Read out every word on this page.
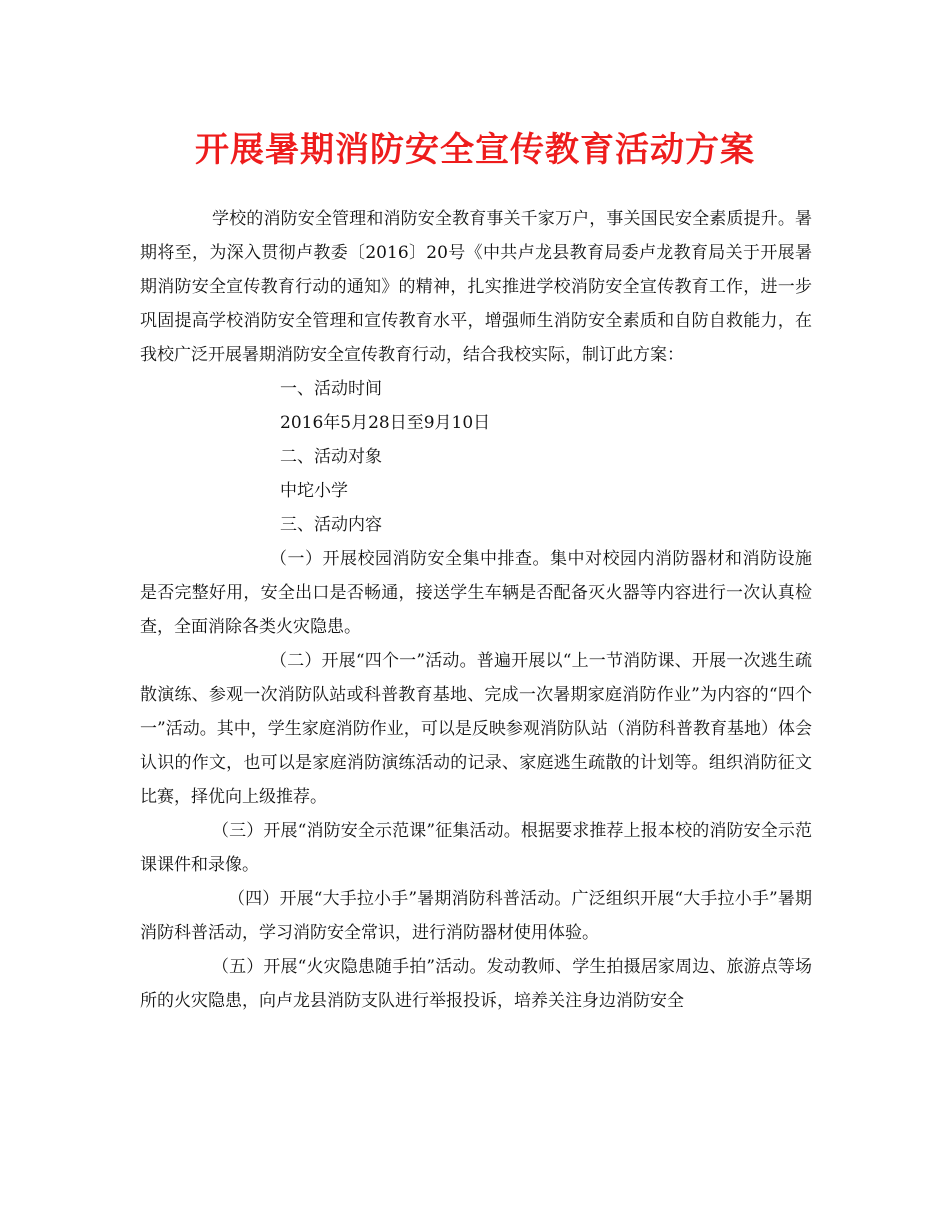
开展暑期消防安全宣传教育活动方案

学校的消防安全管理和消防安全教育事关千家万户，事关国民安全素质提升。暑期将至，为深入贯彻卢教委〔2016〕20号《中共卢龙县教育局委卢龙教育局关于开展暑期消防安全宣传教育行动的通知》的精神，扎实推进学校消防安全宣传教育工作，进一步巩固提高学校消防安全管理和宣传教育水平，增强师生消防安全素质和自防自救能力，在我校广泛开展暑期消防安全宣传教育行动，结合我校实际，制订此方案：

一、活动时间

2016年5月28日至9月10日

二、活动对象

中坨小学

三、活动内容

（一）开展校园消防安全集中排查。集中对校园内消防器材和消防设施是否完整好用，安全出口是否畅通，接送学生车辆是否配备灭火器等内容进行一次认真检查，全面消除各类火灾隐患。

（二）开展“四个一”活动。普遍开展以“上一节消防课、开展一次逃生疏散演练、参观一次消防队站或科普教育基地、完成一次暑期家庭消防作业”为内容的“四个一”活动。其中，学生家庭消防作业，可以是反映参观消防队站（消防科普教育基地）体会认识的作文，也可以是家庭消防演练活动的记录、家庭逃生疏散的计划等。组织消防征文比赛，择优向上级推荐。

（三）开展“消防安全示范课”征集活动。根据要求推荐上报本校的消防安全示范课课件和录像。

（四）开展“大手拉小手”暑期消防科普活动。广泛组织开展“大手拉小手”暑期消防科普活动，学习消防安全常识，进行消防器材使用体验。

（五）开展“火灾隐患随手拍”活动。发动教师、学生拍摄居家周边、旅游点等场所的火灾隐患，向卢龙县消防支队进行举报投诉，培养关注身边消防安全
